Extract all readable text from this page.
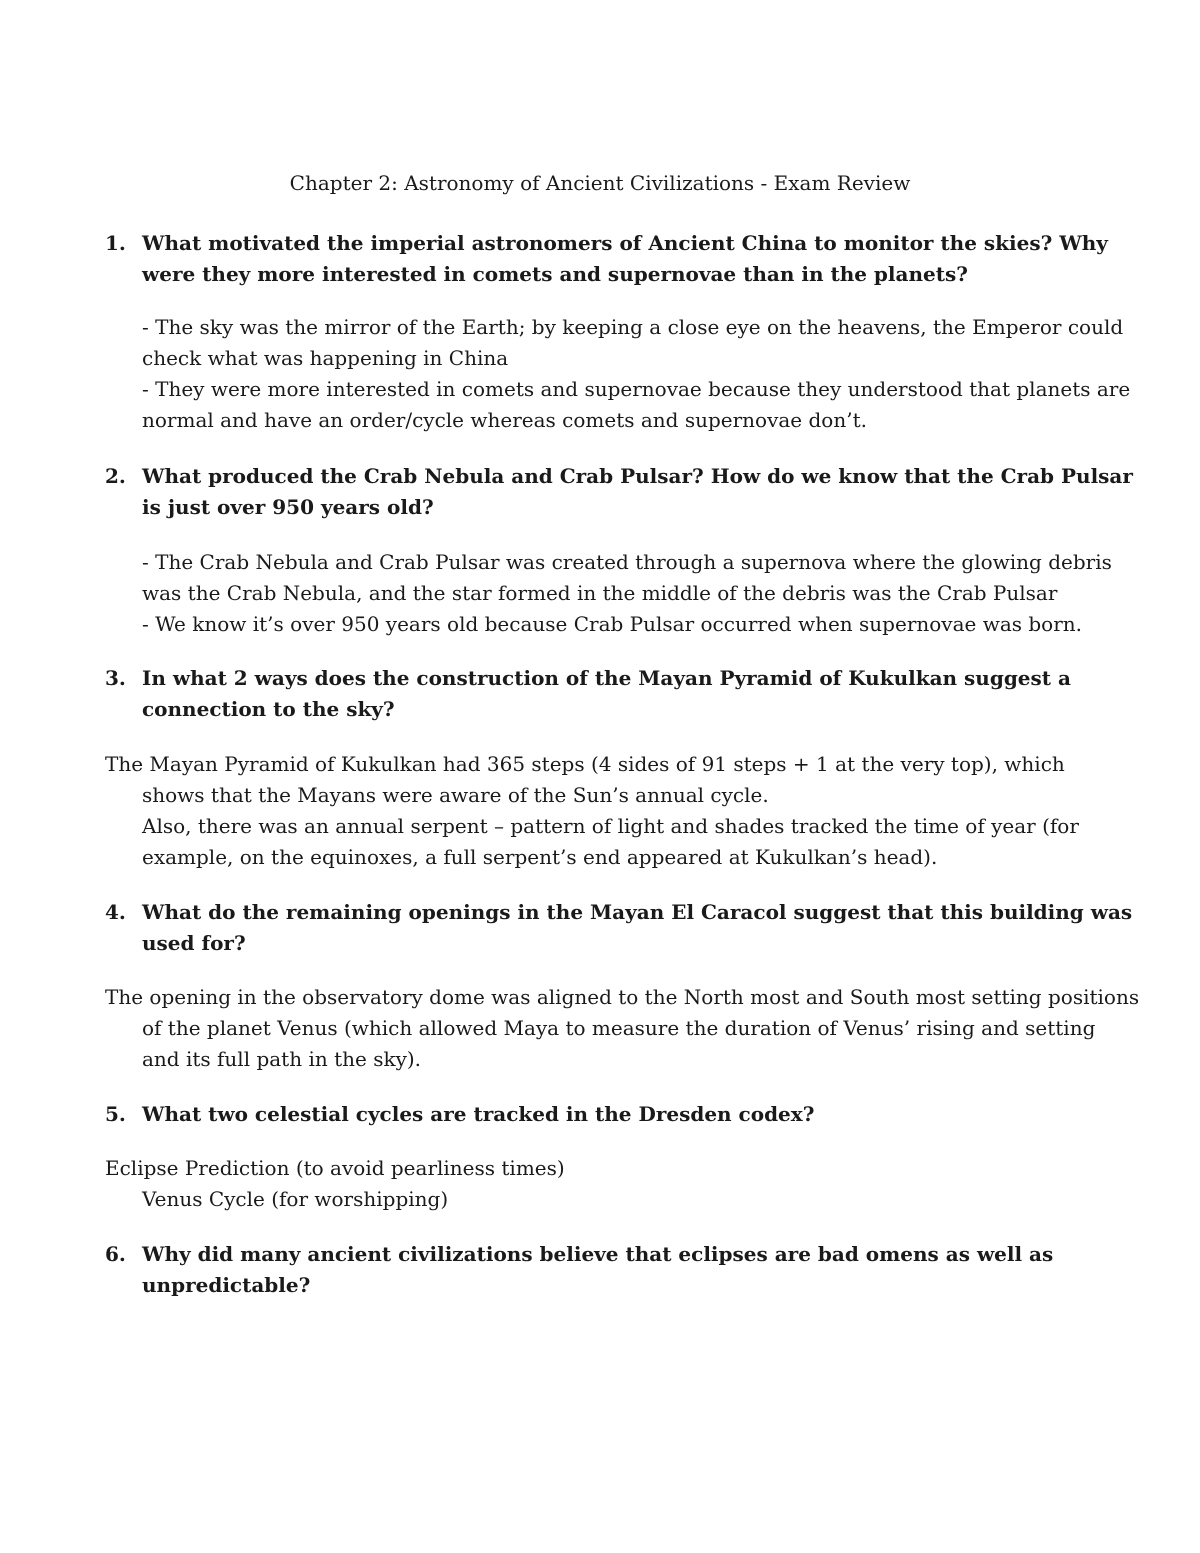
Chapter 2: Astronomy of Ancient Civilizations - Exam Review
1. What motivated the imperial astronomers of Ancient China to monitor the skies? Why
were they more interested in comets and supernovae than in the planets?
- The sky was the mirror of the Earth; by keeping a close eye on the heavens, the Emperor could
check what was happening in China
- They were more interested in comets and supernovae because they understood that planets are
normal and have an order/cycle whereas comets and supernovae don’t.
2. What produced the Crab Nebula and Crab Pulsar? How do we know that the Crab Pulsar
is just over 950 years old?
- The Crab Nebula and Crab Pulsar was created through a supernova where the glowing debris
was the Crab Nebula, and the star formed in the middle of the debris was the Crab Pulsar
- We know it’s over 950 years old because Crab Pulsar occurred when supernovae was born.
3. In what 2 ways does the construction of the Mayan Pyramid of Kukulkan suggest a
connection to the sky?
The Mayan Pyramid of Kukulkan had 365 steps (4 sides of 91 steps + 1 at the very top), which
shows that the Mayans were aware of the Sun’s annual cycle.
Also, there was an annual serpent – pattern of light and shades tracked the time of year (for
example, on the equinoxes, a full serpent’s end appeared at Kukulkan’s head).
4. What do the remaining openings in the Mayan El Caracol suggest that this building was
used for?
The opening in the observatory dome was aligned to the North most and South most setting positions
of the planet Venus (which allowed Maya to measure the duration of Venus’ rising and setting
and its full path in the sky).
5. What two celestial cycles are tracked in the Dresden codex?
Eclipse Prediction (to avoid pearliness times)
Venus Cycle (for worshipping)
6. Why did many ancient civilizations believe that eclipses are bad omens as well as
unpredictable?
